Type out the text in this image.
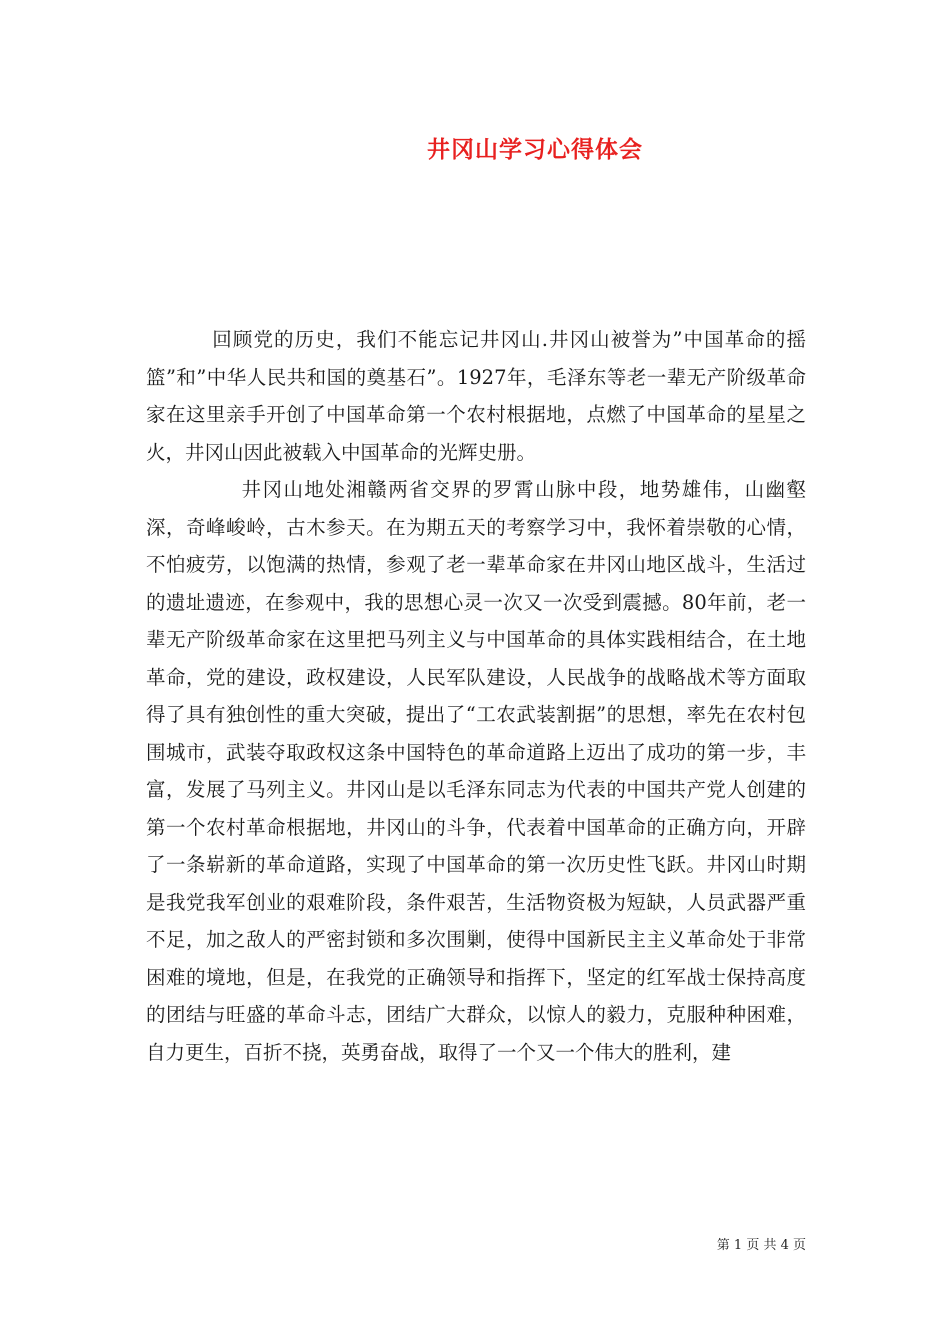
井冈山学习心得体会

回顾党的历史，我们不能忘记井冈山.井冈山被誉为”中国革命的摇篮”和”中华人民共和国的奠基石”。1927年，毛泽东等老一辈无产阶级革命家在这里亲手开创了中国革命第一个农村根据地，点燃了中国革命的星星之火，井冈山因此被载入中国革命的光辉史册。

井冈山地处湘赣两省交界的罗霄山脉中段，地势雄伟，山幽壑深，奇峰峻岭，古木参天。在为期五天的考察学习中，我怀着崇敬的心情，不怕疲劳，以饱满的热情，参观了老一辈革命家在井冈山地区战斗，生活过的遗址遗迹，在参观中，我的思想心灵一次又一次受到震撼。80年前，老一辈无产阶级革命家在这里把马列主义与中国革命的具体实践相结合，在土地革命，党的建设，政权建设，人民军队建设，人民战争的战略战术等方面取得了具有独创性的重大突破，提出了“工农武装割据”的思想，率先在农村包围城市，武装夺取政权这条中国特色的革命道路上迈出了成功的第一步，丰富，发展了马列主义。井冈山是以毛泽东同志为代表的中国共产党人创建的第一个农村革命根据地，井冈山的斗争，代表着中国革命的正确方向，开辟了一条崭新的革命道路，实现了中国革命的第一次历史性飞跃。井冈山时期是我党我军创业的艰难阶段，条件艰苦，生活物资极为短缺，人员武器严重不足，加之敌人的严密封锁和多次围剿，使得中国新民主主义革命处于非常困难的境地，但是，在我党的正确领导和指挥下，坚定的红军战士保持高度的团结与旺盛的革命斗志，团结广大群众，以惊人的毅力，克服种种困难，自力更生，百折不挠，英勇奋战，取得了一个又一个伟大的胜利，建

第 1 页 共 4 页
